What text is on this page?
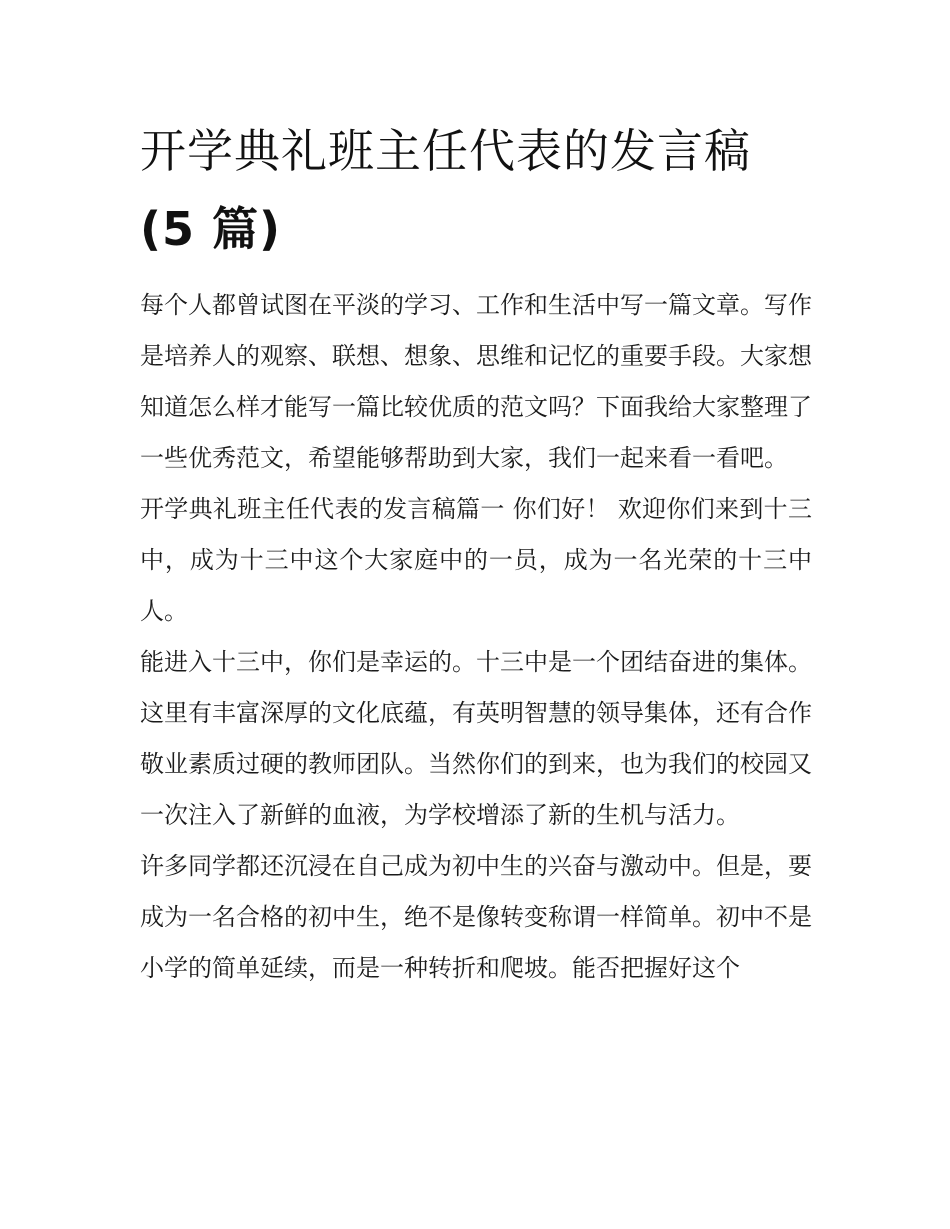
开学典礼班主任代表的发言稿
(5 篇)

每个人都曾试图在平淡的学习、工作和生活中写一篇文章。写作是培养人的观察、联想、想象、思维和记忆的重要手段。大家想知道怎么样才能写一篇比较优质的范文吗？下面我给大家整理了一些优秀范文，希望能够帮助到大家，我们一起来看一看吧。

开学典礼班主任代表的发言稿篇一 你们好！ 欢迎你们来到十三中，成为十三中这个大家庭中的一员，成为一名光荣的十三中人。

能进入十三中，你们是幸运的。十三中是一个团结奋进的集体。这里有丰富深厚的文化底蕴，有英明智慧的领导集体，还有合作敬业素质过硬的教师团队。当然你们的到来，也为我们的校园又一次注入了新鲜的血液，为学校增添了新的生机与活力。

许多同学都还沉浸在自己成为初中生的兴奋与激动中。但是，要成为一名合格的初中生，绝不是像转变称谓一样简单。初中不是小学的简单延续，而是一种转折和爬坡。能否把握好这个
